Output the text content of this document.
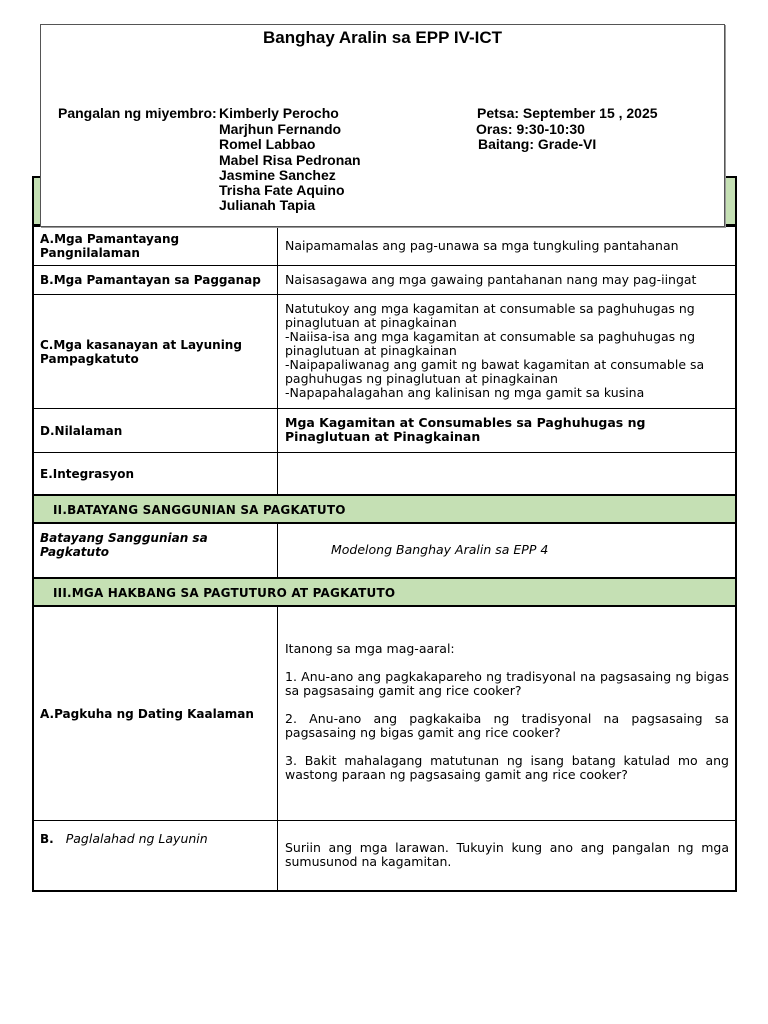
Banghay Aralin sa EPP IV-ICT
Pangalan ng miyembro: Kimberly Perocho
Marjhun Fernando
Romel Labbao
Mabel Risa Pedronan
Jasmine Sanchez
Trisha Fate Aquino
Julianah Tapia
Petsa: September 15 , 2025
Oras: 9:30-10:30
Baitang: Grade-VI
A.Mga Pamantayang Pangnilalaman	Naipamamalas ang pag-unawa sa mga tungkuling pantahanan
B.Mga Pamantayan sa Pagganap Naisasagawa ang mga gawaing pantahanan nang may pag-iingat
C.Mga kasanayan at Layuning Pampagkatuto
Natutukoy ang mga kagamitan at consumable sa paghuhugas ng pinaglutuan at pinagkainan
-Naiisa-isa ang mga kagamitan at consumable sa paghuhugas ng pinaglutuan at pinagkainan
-Naipapaliwanag ang gamit ng bawat kagamitan at consumable sa paghuhugas ng pinaglutuan at pinagkainan
-Napapahalagahan ang kalinisan ng mga gamit sa kusina
D.Nilalaman
Mga Kagamitan at Consumables sa Paghuhugas ng Pinaglutuan at Pinagkainan
E.Integrasyon
II.BATAYANG SANGGUNIAN SA PAGKATUTO
Batayang Sanggunian sa Pagkatuto	Modelong Banghay Aralin sa EPP 4
III.MGA HAKBANG SA PAGTUTURO AT PAGKATUTO
A.Pagkuha ng Dating Kaalaman
Itanong sa mga mag-aaral:
1. Anu-ano ang pagkakapareho ng tradisyonal na pagsasaing ng bigas sa pagsasaing gamit ang rice cooker?
2. Anu-ano ang pagkakaiba ng tradisyonal na pagsasaing sa pagsasaing ng bigas gamit ang rice cooker?
3. Bakit mahalagang matutunan ng isang batang katulad mo ang wastong paraan ng pagsasaing gamit ang rice cooker?
B. Paglalahad ng Layunin
Suriin ang mga larawan. Tukuyin kung ano ang pangalan ng mga sumusunod na kagamitan.
